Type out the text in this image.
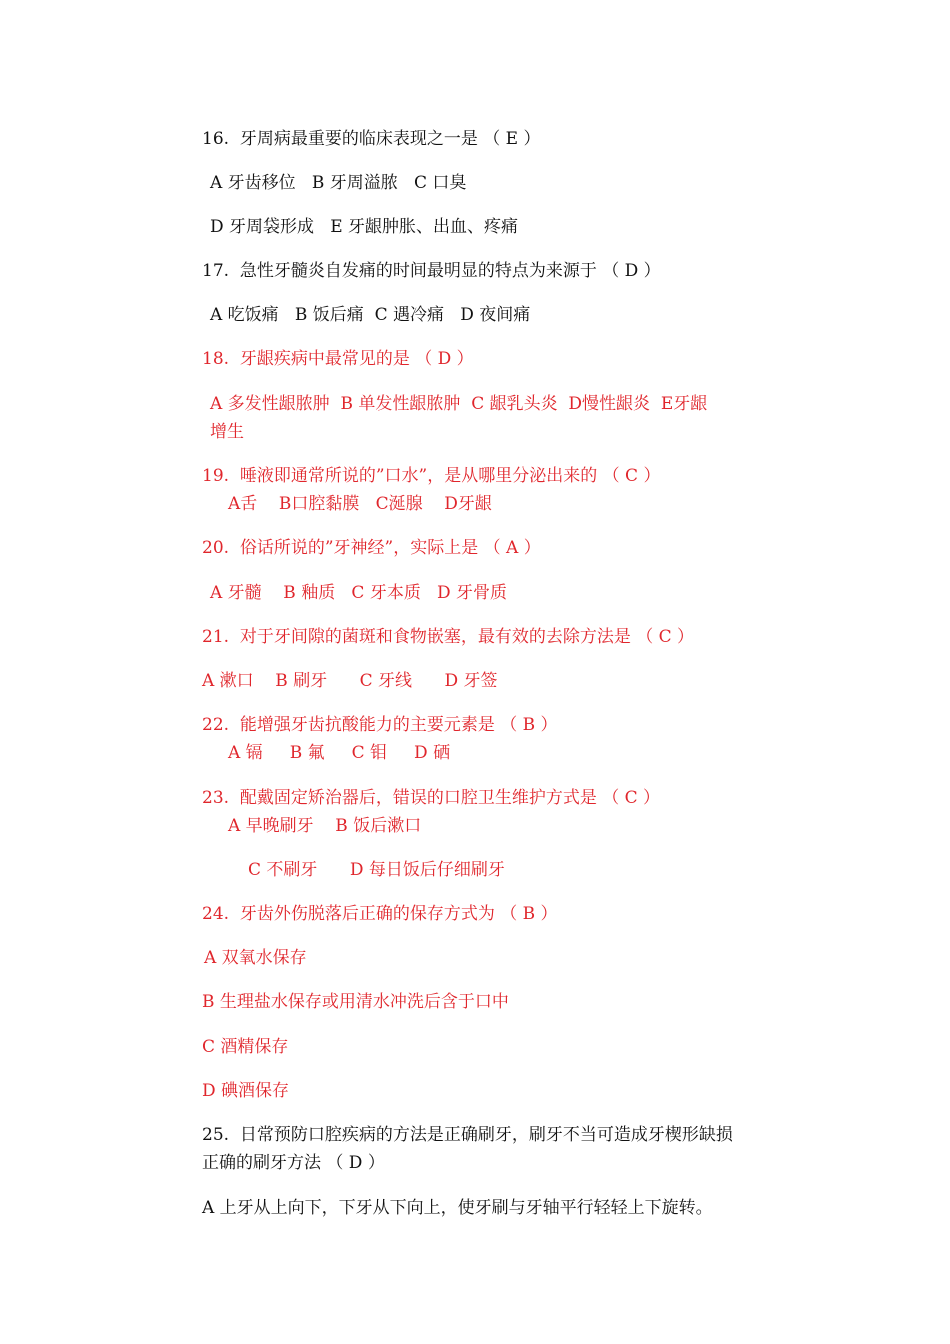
16.  牙周病最重要的临床表现之一是 （ E ）
A 牙齿移位   B 牙周溢脓   C 口臭
D 牙周袋形成   E 牙龈肿胀、出血、疼痛
17.  急性牙髓炎自发痛的时间最明显的特点为来源于 （ D ）
A 吃饭痛   B 饭后痛  C 遇冷痛   D 夜间痛
18.  牙龈疾病中最常见的是 （ D ）
A 多发性龈脓肿  B 单发性龈脓肿  C 龈乳头炎  D慢性龈炎  E牙龈
增生
19.  唾液即通常所说的”口水”，是从哪里分泌出来的 （ C ）
A舌    B口腔黏膜   C涎腺    D牙龈
20.  俗话所说的”牙神经”，实际上是 （ A ）
A 牙髓    B 釉质   C 牙本质   D 牙骨质
21.  对于牙间隙的菌斑和食物嵌塞，最有效的去除方法是 （ C ）
A 漱口    B 刷牙      C 牙线      D 牙签
22.  能增强牙齿抗酸能力的主要元素是 （ B ）
A 镉     B 氟     C 钼     D 硒
23.  配戴固定矫治器后，错误的口腔卫生维护方式是 （ C ）
A 早晚刷牙    B 饭后漱口
C 不刷牙      D 每日饭后仔细刷牙
24.  牙齿外伤脱落后正确的保存方式为 （ B ）
A 双氧水保存
B 生理盐水保存或用清水冲洗后含于口中
C 酒精保存
D 碘酒保存
25.  日常预防口腔疾病的方法是正确刷牙，刷牙不当可造成牙楔形缺损
正确的刷牙方法 （ D ）
A 上牙从上向下，下牙从下向上，使牙刷与牙轴平行轻轻上下旋转。
